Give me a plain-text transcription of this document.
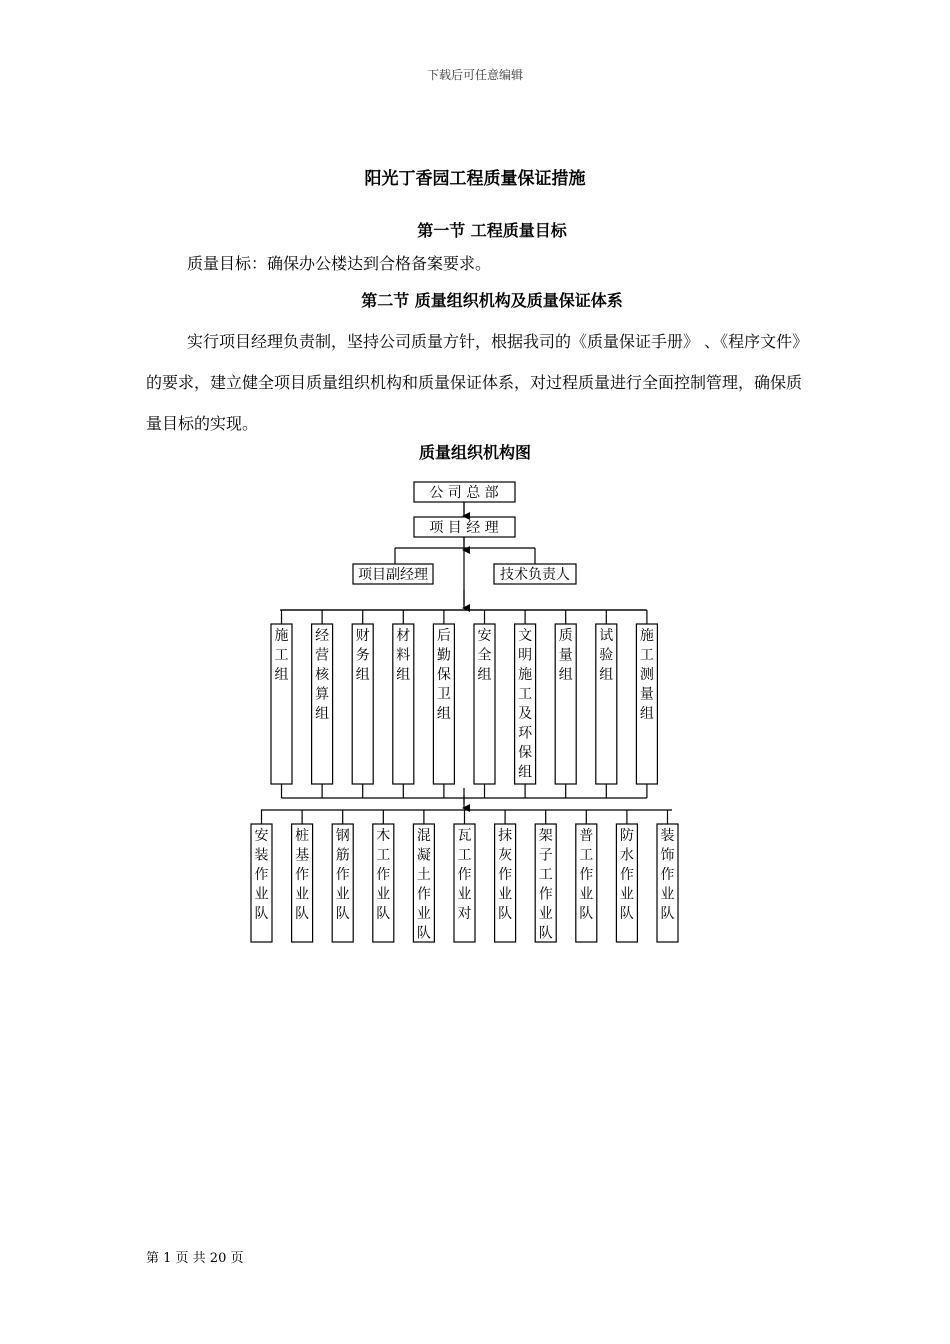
下载后可任意编辑
阳光丁香园工程质量保证措施
第一节 工程质量目标
质量目标：确保办公楼达到合格备案要求。
第二节 质量组织机构及质量保证体系
实行项目经理负责制，坚持公司质量方针，根据我司的《质量保证手册》 、《程序文件》的要求，建立健全项目质量组织机构和质量保证体系，对过程质量进行全面控制管理，确保质量目标的实现。
质量组织机构图
施工组
经营核算组
财务组
材料组
后勤保卫组
安全组
文明施工及环保组
质量组
试验组
施工测量组
安装作业队
桩基作业队
钢筋作业队
木工作业队
混凝土作业队
瓦工作业对
抹灰作业队
架子工作业队
普工作业队
防水作业队
装饰作业队
公 司 总 部
项 目 经 理
项目副经理	技术负责人
第 1 页 共 20 页
